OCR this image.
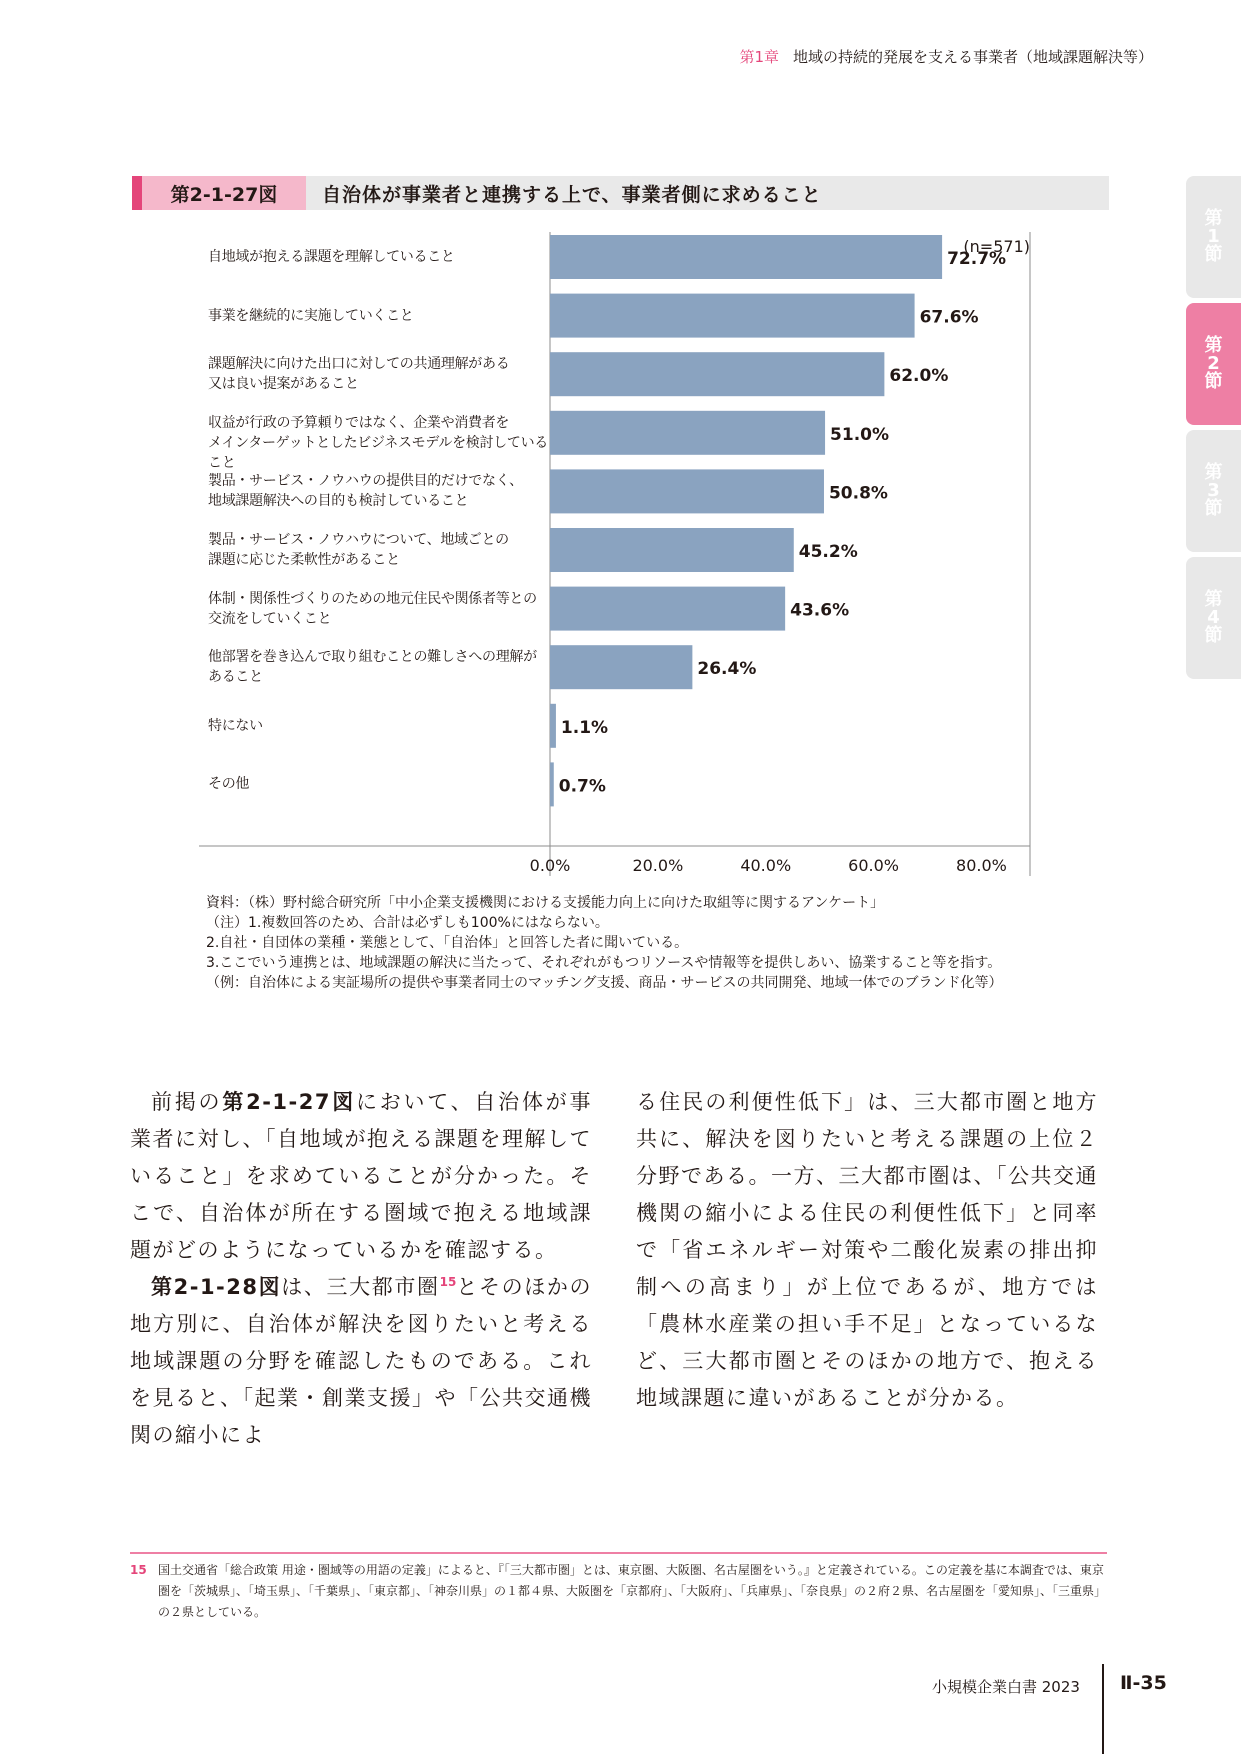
第1章 地域の持続的発展を支える事業者（地域課題解決等）
第
1
節
第
2
節
第
3
節
第
4
節
第2-1-27図	自治体が事業者と連携する上で、事業者側に求めること
(n=571)
0.0%	20.0%	40.0%	60.0%	80.0%
72.7%
67.6%
62.0%
51.0%
50.8%
45.2%
43.6%
26.4%
1.1%
0.7%
自地域が抱える課題を理解していること
事業を継続的に実施していくこと
課題解決に向けた出口に対しての共通理解がある
又は良い提案があること
収益が行政の予算頼りではなく、企業や消費者を
メインターゲットとしたビジネスモデルを検討していること
製品・サービス・ノウハウの提供目的だけでなく、
地域課題解決への目的も検討していること
製品・サービス・ノウハウについて、地域ごとの
課題に応じた柔軟性があること
体制・関係性づくりのための地元住民や関係者等との
交流をしていくこと
他部署を巻き込んで取り組むことの難しさへの理解が
あること
特にない
その他
資料：（株）野村総合研究所「中小企業支援機関における支援能力向上に向けた取組等に関するアンケート」
（注）1.複数回答のため、合計は必ずしも100%にはならない。
2.自社・自団体の業種・業態として、「自治体」と回答した者に聞いている。
3.ここでいう連携とは、地域課題の解決に当たって、それぞれがもつリソースや情報等を提供しあい、協業すること等を指す。
（例：自治体による実証場所の提供や事業者同士のマッチング支援、商品・サービスの共同開発、地域一体でのブランド化等）

前掲の第2-1-27図において、自治体が事業者に対し、「自地域が抱える課題を理解していること」を求めていることが分かった。そこで、自治体が所在する圏域で抱える地域課題がどのようになっているかを確認する。

第2-1-28図は、三大都市圏$^{15}$とそのほかの地方別に、自治体が解決を図りたいと考える地域課題の分野を確認したものである。これを見ると、「起業・創業支援」や「公共交通機関の縮小によ

る住民の利便性低下」は、三大都市圏と地方共に、解決を図りたいと考える課題の上位２分野である。一方、三大都市圏は、「公共交通機関の縮小による住民の利便性低下」と同率で「省エネルギー対策や二酸化炭素の排出抑制への高まり」が上位であるが、地方では「農林水産業の担い手不足」となっているなど、三大都市圏とそのほかの地方で、抱える地域課題に違いがあることが分かる。

15 国土交通省「総合政策 用途・圏域等の用語の定義」によると、『「三大都市圏」とは、東京圏、大阪圏、名古屋圏をいう。』と定義されている。この定義を基に本調査では、東京圏を「茨城県」、「埼玉県」、「千葉県」、「東京都」、「神奈川県」の１都４県、大阪圏を「京都府」、「大阪府」、「兵庫県」、「奈良県」の２府２県、名古屋圏を「愛知県」、「三重県」の２県としている。
小規模企業白書 2023 Ⅱ-35
